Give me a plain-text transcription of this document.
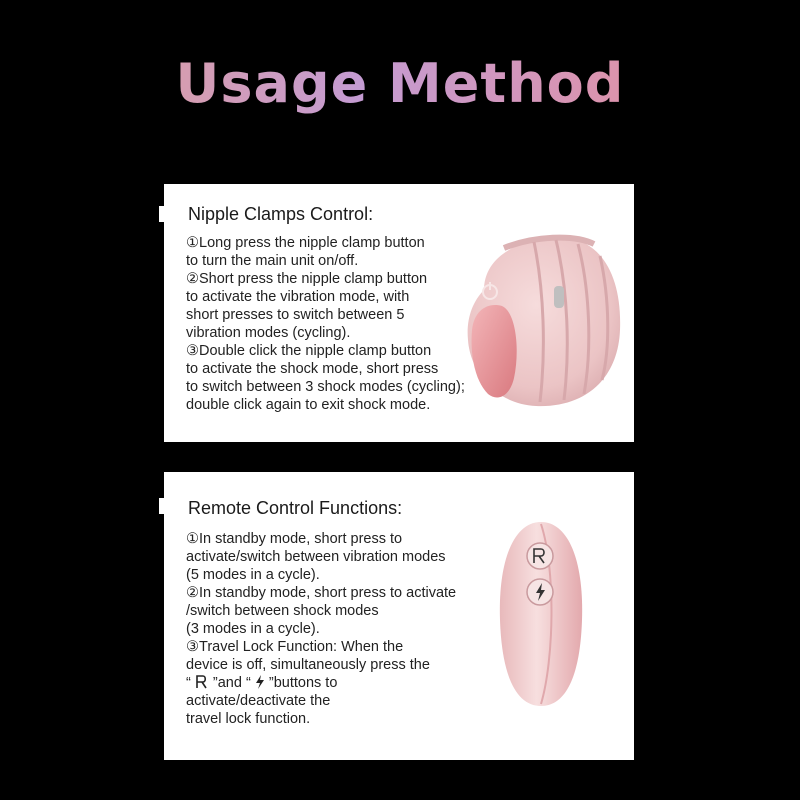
Usage Method
Nipple Clamps Control:
①Long press the nipple clamp button
to turn the main unit on/off.
②Short press the nipple clamp button
to activate the vibration mode, with
short presses to switch between 5
vibration modes (cycling).
③Double click the nipple clamp button
to activate the shock mode, short press
to switch between 3 shock modes (cycling);
double click again to exit shock mode.
Remote Control Functions:
①In standby mode, short press to
activate/switch between vibration modes
(5 modes in a cycle).
②In standby mode, short press to activate
/switch between shock modes
(3 modes in a cycle).
③Travel Lock Function: When the
device is off, simultaneously press the
“ ”and “ ”buttons to
activate/deactivate the
travel lock function.
